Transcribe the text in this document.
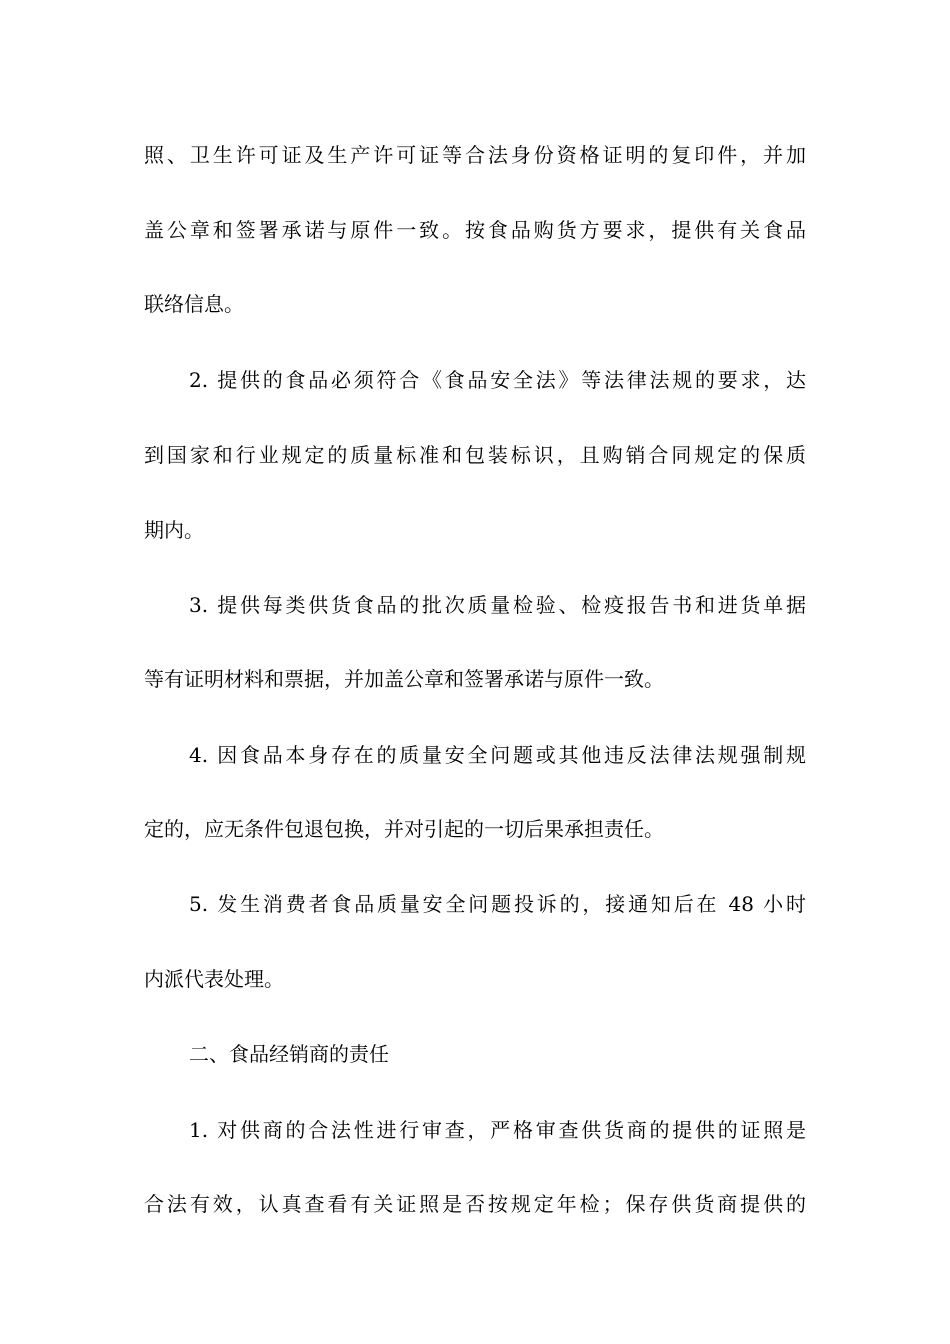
照、卫生许可证及生产许可证等合法身份资格证明的复印件，并加
盖公章和签署承诺与原件一致。按食品购货方要求，提供有关食品
联络信息。
2. 提供的食品必须符合《食品安全法》等法律法规的要求，达
到国家和行业规定的质量标准和包装标识，且购销合同规定的保质
期内。
3. 提供每类供货食品的批次质量检验、检疫报告书和进货单据
等有证明材料和票据，并加盖公章和签署承诺与原件一致。
4. 因食品本身存在的质量安全问题或其他违反法律法规强制规
定的，应无条件包退包换，并对引起的一切后果承担责任。
5. 发生消费者食品质量安全问题投诉的，接通知后在 48 小时
内派代表处理。
二、食品经销商的责任
1. 对供商的合法性进行审查，严格审查供货商的提供的证照是
合法有效，认真查看有关证照是否按规定年检；保存供货商提供的
